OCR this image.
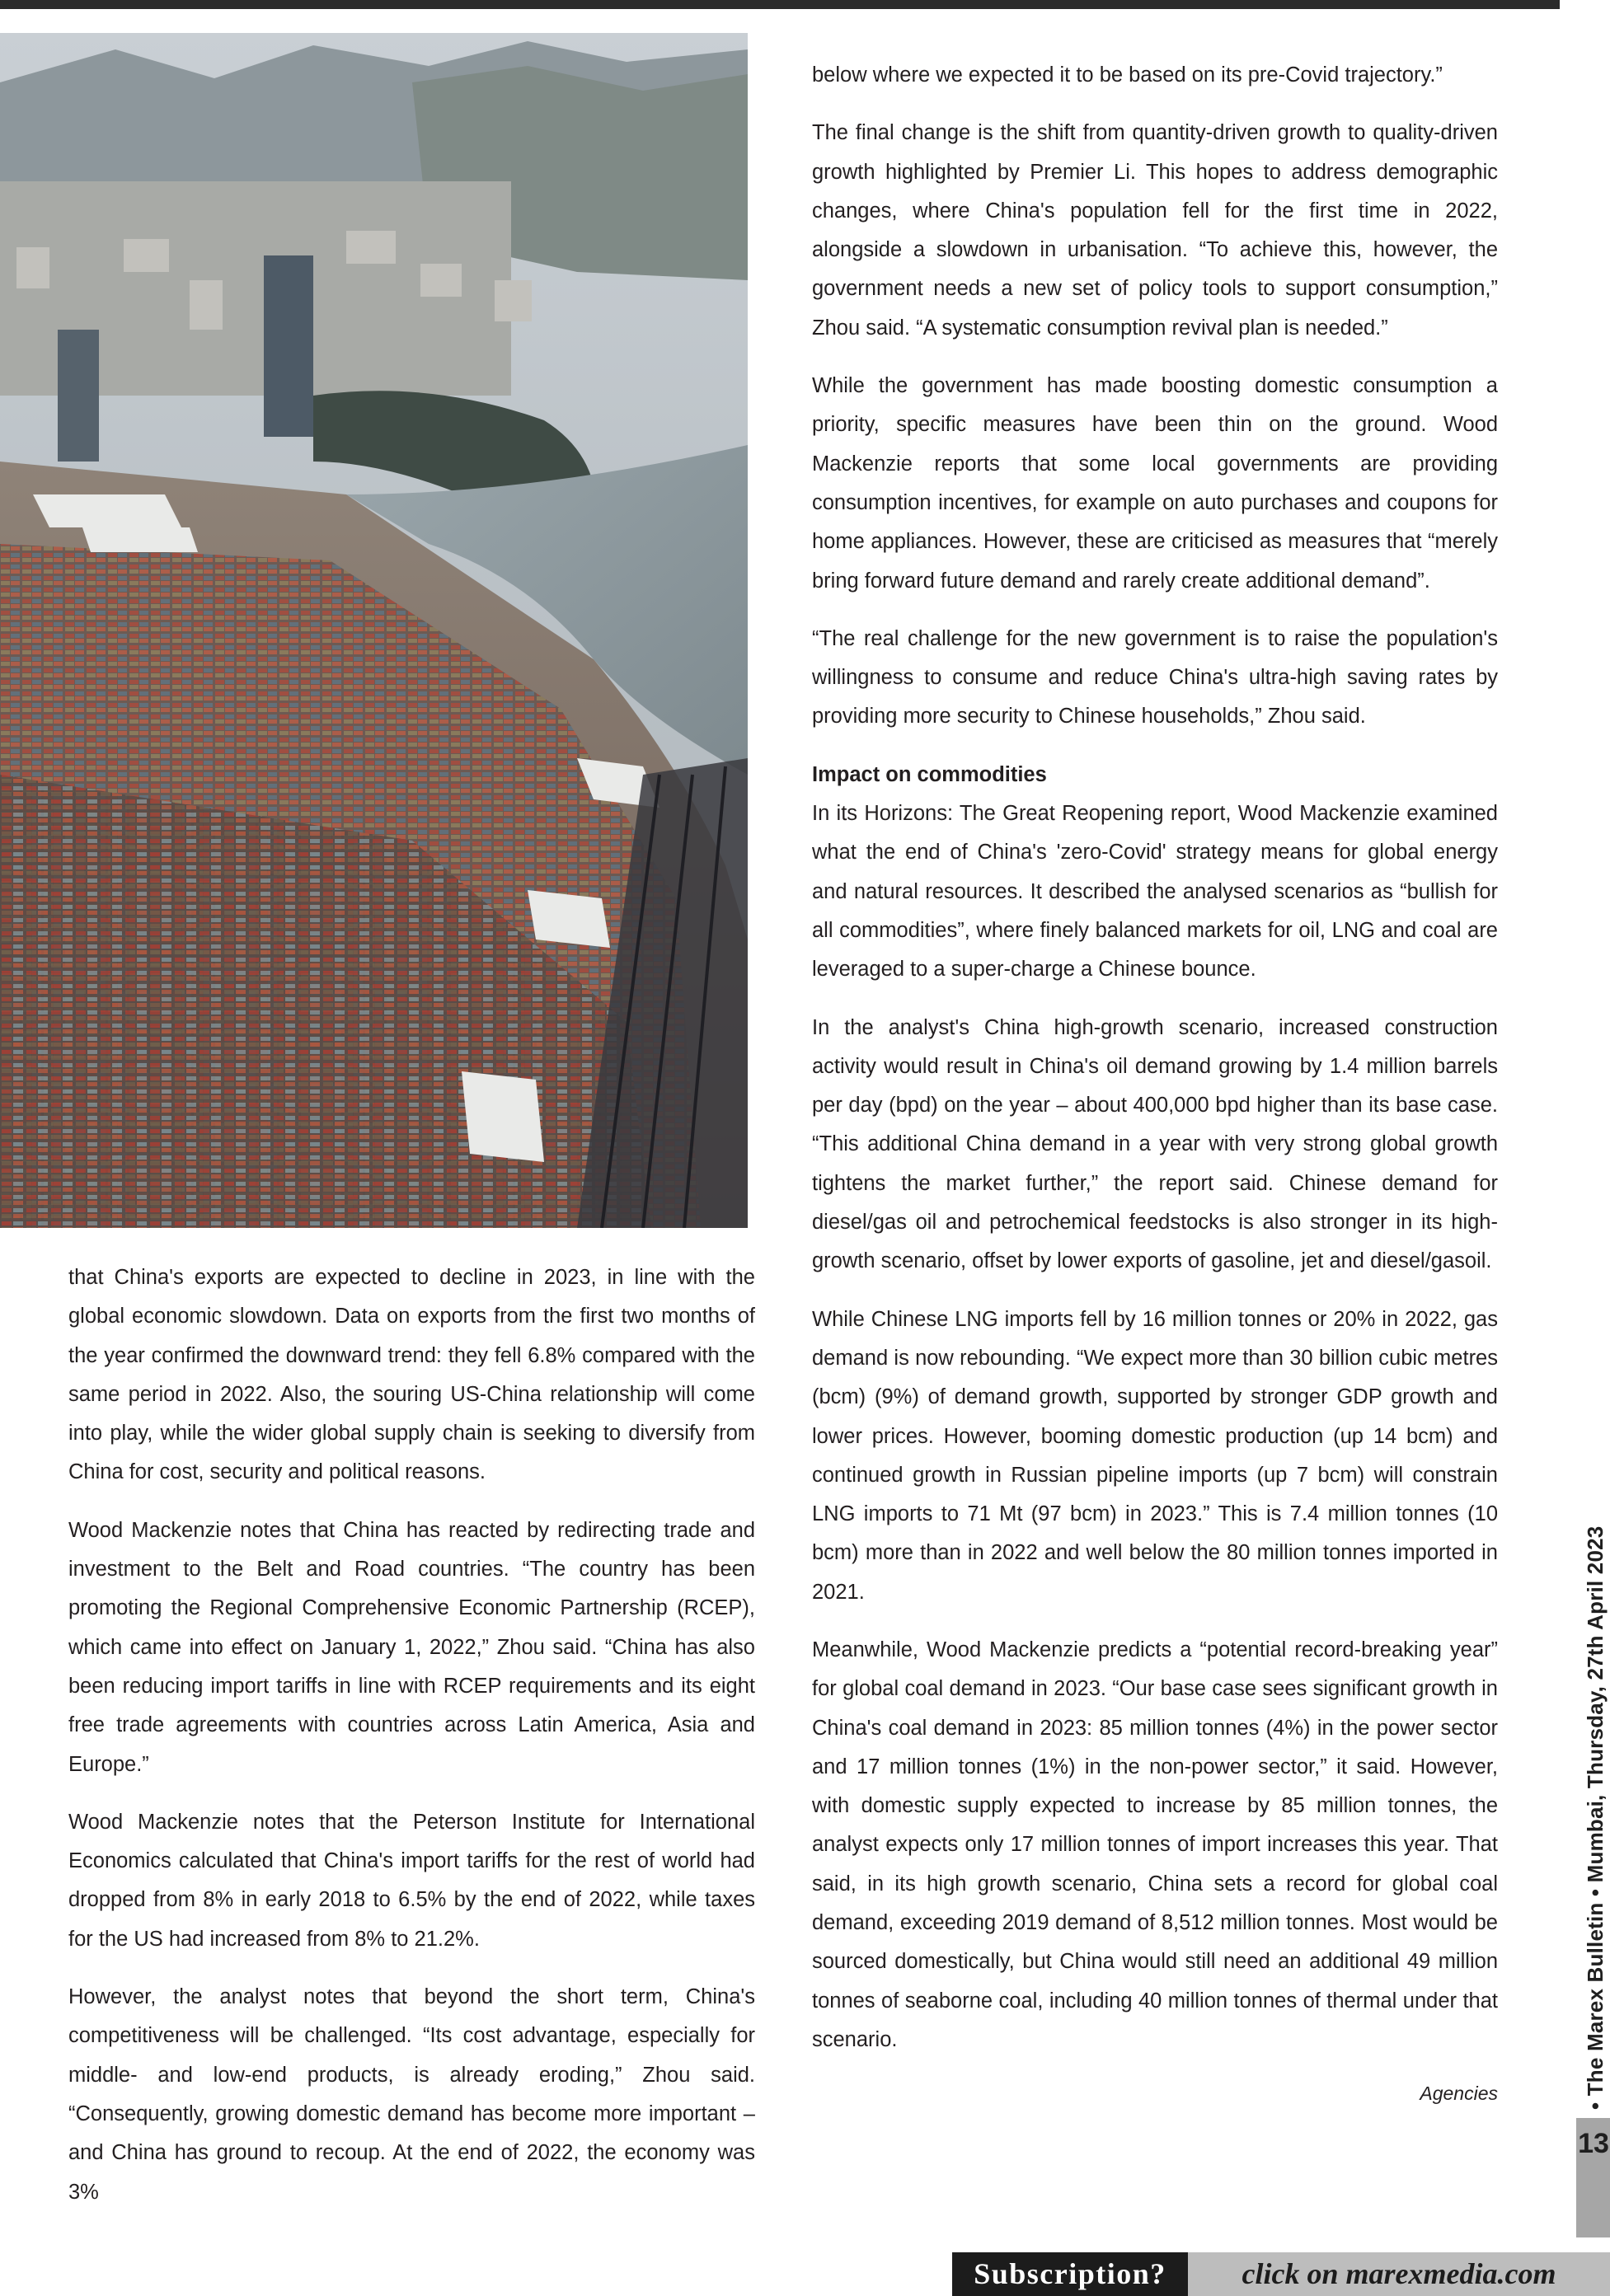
that China's exports are expected to decline in 2023, in line with the global economic slowdown. Data on exports from the first two months of the year confirmed the downward trend: they fell 6.8% compared with the same period in 2022. Also, the souring US-China relationship will come into play, while the wider global supply chain is seeking to diversify from China for cost, security and political reasons.

Wood Mackenzie notes that China has reacted by redirecting trade and investment to the Belt and Road countries. “The country has been promoting the Regional Comprehensive Economic Partnership (RCEP), which came into effect on January 1, 2022,” Zhou said. “China has also been reducing import tariffs in line with RCEP requirements and its eight free trade agreements with countries across Latin America, Asia and Europe.”

Wood Mackenzie notes that the Peterson Institute for International Economics calculated that China's import tariffs for the rest of world had dropped from 8% in early 2018 to 6.5% by the end of 2022, while taxes for the US had increased from 8% to 21.2%.

However, the analyst notes that beyond the short term, China's competitiveness will be challenged. “Its cost advantage, especially for middle- and low-end products, is already eroding,” Zhou said. “Consequently, growing domestic demand has become more important – and China has ground to recoup. At the end of 2022, the economy was 3%

below where we expected it to be based on its pre-Covid trajectory.”

The final change is the shift from quantity-driven growth to quality-driven growth highlighted by Premier Li. This hopes to address demographic changes, where China's population fell for the first time in 2022, alongside a slowdown in urbanisation. “To achieve this, however, the government needs a new set of policy tools to support consumption,” Zhou said. “A systematic consumption revival plan is needed.”

While the government has made boosting domestic consumption a priority, specific measures have been thin on the ground. Wood Mackenzie reports that some local governments are providing consumption incentives, for example on auto purchases and coupons for home appliances. However, these are criticised as measures that “merely bring forward future demand and rarely create additional demand”.

“The real challenge for the new government is to raise the population's willingness to consume and reduce China's ultra-high saving rates by providing more security to Chinese households,” Zhou said.

Impact on commodities

In its Horizons: The Great Reopening report, Wood Mackenzie examined what the end of China's 'zero-Covid' strategy means for global energy and natural resources. It described the analysed scenarios as “bullish for all commodities”, where finely balanced markets for oil, LNG and coal are leveraged to a super-charge a Chinese bounce.

In the analyst's China high-growth scenario, increased construction activity would result in China's oil demand growing by 1.4 million barrels per day (bpd) on the year – about 400,000 bpd higher than its base case. “This additional China demand in a year with very strong global growth tightens the market further,” the report said. Chinese demand for diesel/gas oil and petrochemical feedstocks is also stronger in its high-growth scenario, offset by lower exports of gasoline, jet and diesel/gasoil.

While Chinese LNG imports fell by 16 million tonnes or 20% in 2022, gas demand is now rebounding. “We expect more than 30 billion cubic metres (bcm) (9%) of demand growth, supported by stronger GDP growth and lower prices. However, booming domestic production (up 14 bcm) and continued growth in Russian pipeline imports (up 7 bcm) will constrain LNG imports to 71 Mt (97 bcm) in 2023.” This is 7.4 million tonnes (10 bcm) more than in 2022 and well below the 80 million tonnes imported in 2021.

Meanwhile, Wood Mackenzie predicts a “potential record-breaking year” for global coal demand in 2023. “Our base case sees significant growth in China's coal demand in 2023: 85 million tonnes (4%) in the power sector and 17 million tonnes (1%) in the non-power sector,” it said. However, with domestic supply expected to increase by 85 million tonnes, the analyst expects only 17 million tonnes of import increases this year. That said, in its high growth scenario, China sets a record for global coal demand, exceeding 2019 demand of 8,512 million tonnes. Most would be sourced domestically, but China would still need an additional 49 million tonnes of seaborne coal, including 40 million tonnes of thermal under that scenario.

Agencies	• The Marex Bulletin • Mumbai, Thursday, 27th April 2023
13
Subscription?	click on marexmedia.com
